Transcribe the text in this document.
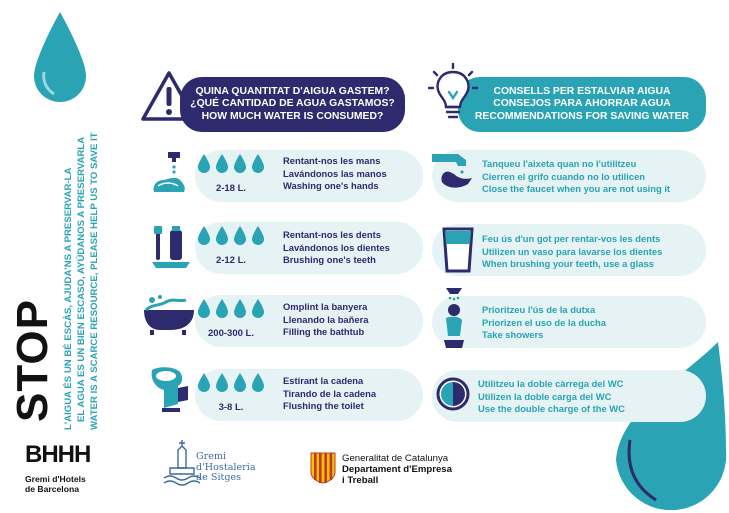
STOP L'AIGUA ÉS UN BÉ ESCÀS, AJUDA'NS A PRESERVAR-LA EL AGUA ES UN BIEN ESCASO, AYÚDANOS A PRESERVARLA WATER IS A SCARCE RESOURCE, PLEASE HELP US TO SAVE IT
QUINA QUANTITAT D'AIGUA GASTEM?
¿QUÉ CANTIDAD DE AGUA GASTAMOS?
HOW MUCH WATER IS CONSUMED?
CONSELLS PER ESTALVIAR AIGUA
CONSEJOS PARA AHORRAR AGUA
RECOMMENDATIONS FOR SAVING WATER
2-18 L.
Rentant-nos les mans
Lavándonos las manos
Washing one's hands
2-12 L.
Rentant-nos les dents
Lavándonos los dientes
Brushing one's teeth
200-300 L.
Omplint la banyera
Llenando la bañera
Filling the bathtub
3-8 L.
Estirant la cadena
Tirando de la cadena
Flushing the toilet
Tanqueu l'aixeta quan no l'utilitzeu
Cierren el grifo cuando no lo utilicen
Close the faucet when you are not using it
Feu ús d'un got per rentar-vos les dents
Utilizen un vaso para lavarse los dientes
When brushing your teeth, use a glass
Prioritzeu l'ús de la dutxa
Priorizen el uso de la ducha
Take showers
Utilitzeu la doble càrrega del WC
Utilizen la doble carga del WC
Use the double charge of the WC
BHHH
Gremi d'Hotels
de Barcelona
Gremi
d'Hostaleria
de Sitges
Generalitat de Catalunya
Departament d'Empresa
i Treball
